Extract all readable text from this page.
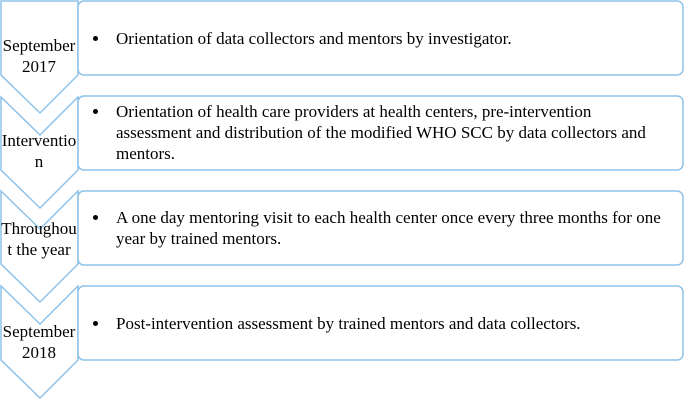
September 2017
Intervention
Throughout the year
September 2018
• Orientation of data collectors and mentors by investigator.
• Orientation of health care providers at health centers, pre-intervention assessment and distribution of the modified WHO SCC by data collectors and mentors.
• A one day mentoring visit to each health center once every three months for one year by trained mentors.
• Post-intervention assessment by trained mentors and data collectors.
